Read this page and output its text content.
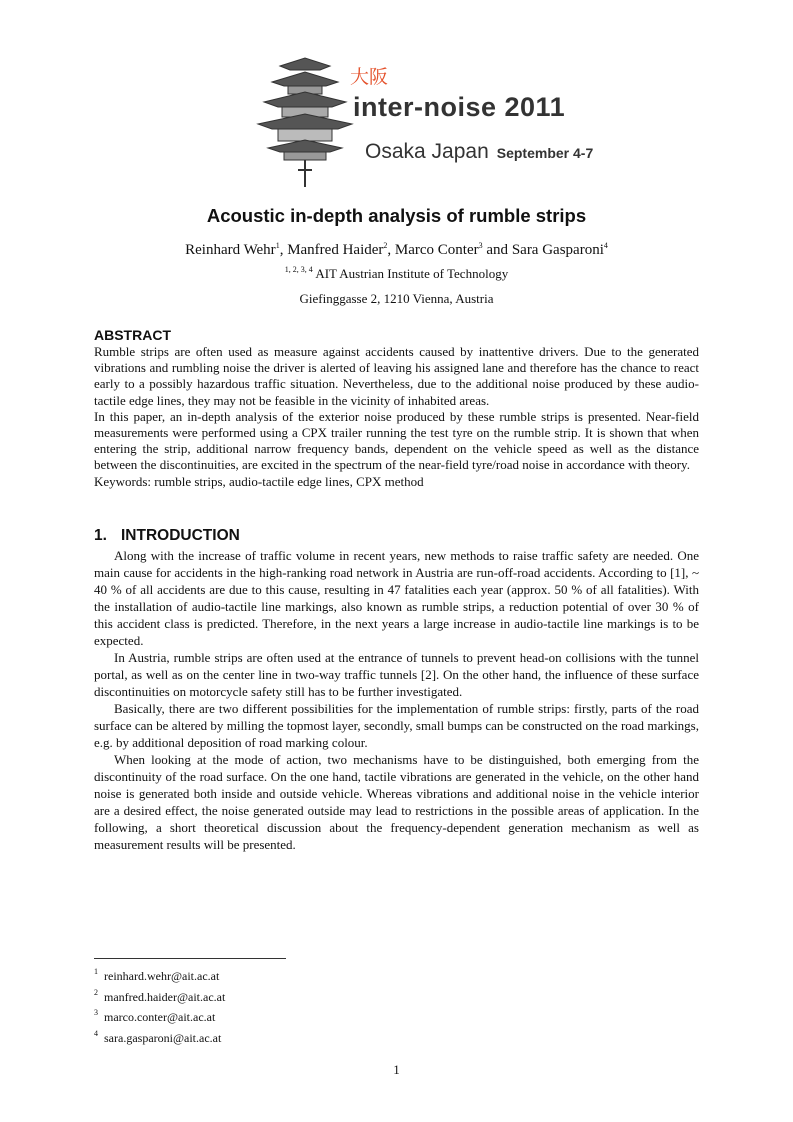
大阪
inter-noise 2011
Osaka Japan September 4-7
Acoustic in-depth analysis of rumble strips
Reinhard Wehr$^1$, Manfred Haider$^2$, Marco Conter$^3$ and Sara Gasparoni$^4$
$^{1, 2, 3, 4}$ AIT Austrian Institute of Technology
Giefinggasse 2, 1210 Vienna, Austria
ABSTRACT

Rumble strips are often used as measure against accidents caused by inattentive drivers. Due to the generated vibrations and rumbling noise the driver is alerted of leaving his assigned lane and therefore has the chance to react early to a possibly hazardous traffic situation. Nevertheless, due to the additional noise produced by these audio-tactile edge lines, they may not be feasible in the vicinity of inhabited areas.

In this paper, an in-depth analysis of the exterior noise produced by these rumble strips is presented. Near-field measurements were performed using a CPX trailer running the test tyre on the rumble strip. It is shown that when entering the strip, additional narrow frequency bands, dependent on the vehicle speed as well as the distance between the discontinuities, are excited in the spectrum of the near-field tyre/road noise in accordance with theory.

Keywords: rumble strips, audio-tactile edge lines, CPX method

1. INTRODUCTION

Along with the increase of traffic volume in recent years, new methods to raise traffic safety are needed. One main cause for accidents in the high-ranking road network in Austria are run-off-road accidents. According to [1], ~ 40 % of all accidents are due to this cause, resulting in 47 fatalities each year (approx. 50 % of all fatalities). With the installation of audio-tactile line markings, also known as rumble strips, a reduction potential of over 30 % of this accident class is predicted. Therefore, in the next years a large increase in audio-tactile line markings is to be expected.

In Austria, rumble strips are often used at the entrance of tunnels to prevent head-on collisions with the tunnel portal, as well as on the center line in two-way traffic tunnels [2]. On the other hand, the influence of these surface discontinuities on motorcycle safety still has to be further investigated.

Basically, there are two different possibilities for the implementation of rumble strips: firstly, parts of the road surface can be altered by milling the topmost layer, secondly, small bumps can be constructed on the road markings, e.g. by additional deposition of road marking colour.

When looking at the mode of action, two mechanisms have to be distinguished, both emerging from the discontinuity of the road surface. On the one hand, tactile vibrations are generated in the vehicle, on the other hand noise is generated both inside and outside vehicle. Whereas vibrations and additional noise in the vehicle interior are a desired effect, the noise generated outside may lead to restrictions in the possible areas of application. In the following, a short theoretical discussion about the frequency-dependent generation mechanism as well as measurement results will be presented.

$^1$ reinhard.wehr@ait.ac.at
$^2$ manfred.haider@ait.ac.at
$^3$ marco.conter@ait.ac.at
$^4$ sara.gasparoni@ait.ac.at
1
